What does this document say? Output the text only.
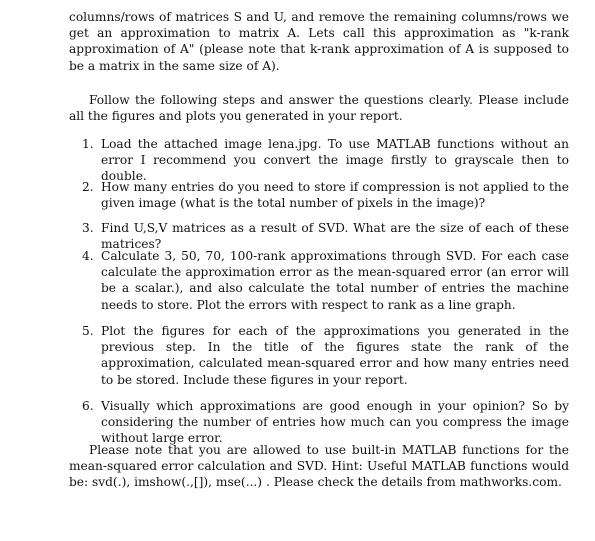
columns/rows of matrices S and U, and remove the remaining columns/rows we get an approximation to matrix A. Lets call this approximation as "k-rank approximation of A" (please note that k-rank approximation of A is supposed to be a matrix in the same size of A).

Follow the following steps and answer the questions clearly. Please include all the figures and plots you generated in your report.

1. Load the attached image lena.jpg. To use MATLAB functions without an error I recommend you convert the image firstly to grayscale then to double.
2. How many entries do you need to store if compression is not applied to the given image (what is the total number of pixels in the image)?
3. Find U,S,V matrices as a result of SVD. What are the size of each of these matrices?
4. Calculate 3, 50, 70, 100-rank approximations through SVD. For each case calculate the approximation error as the mean-squared error (an error will be a scalar.), and also calculate the total number of entries the machine needs to store. Plot the errors with respect to rank as a line graph.
5. Plot the figures for each of the approximations you generated in the previous step. In the title of the figures state the rank of the approximation, calculated mean-squared error and how many entries need to be stored. Include these figures in your report.
6. Visually which approximations are good enough in your opinion? So by considering the number of entries how much can you compress the image without large error.

Please note that you are allowed to use built-in MATLAB functions for the mean-squared error calculation and SVD. Hint: Useful MATLAB functions would be: svd(.), imshow(.,[]), mse(...) . Please check the details from mathworks.com.
